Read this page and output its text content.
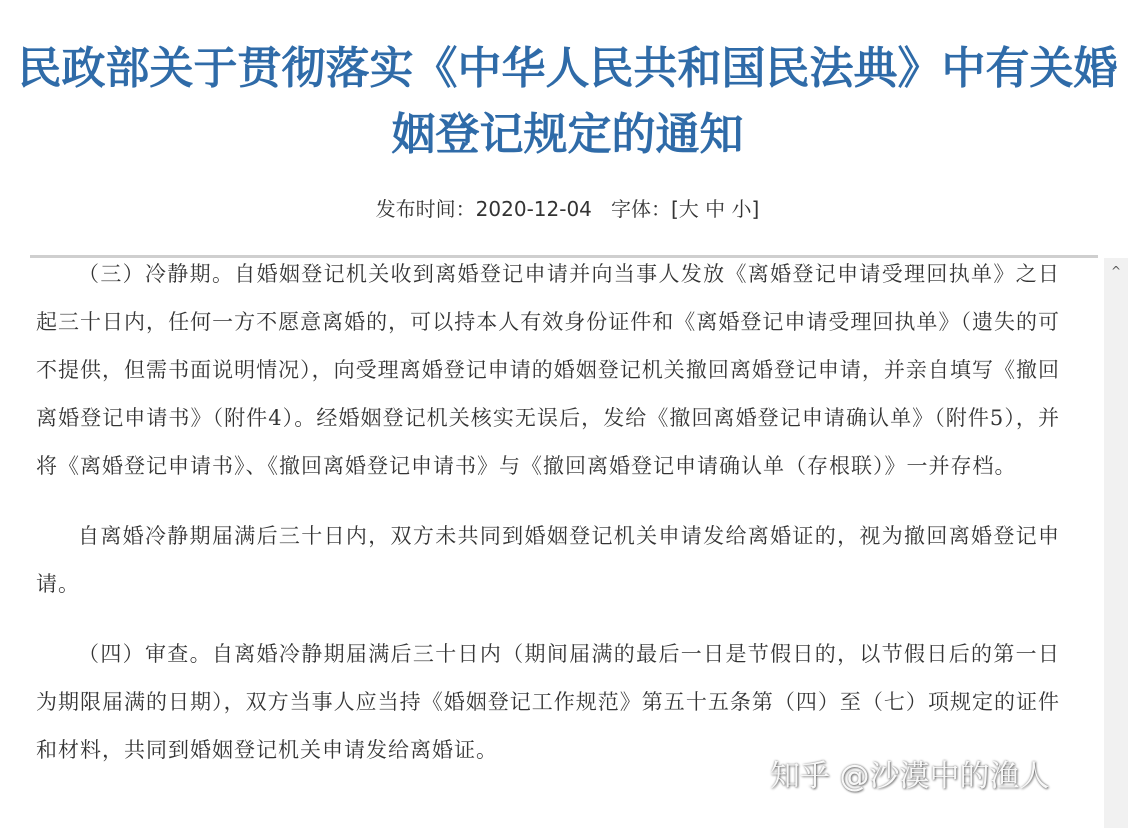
民政部关于贯彻落实《中华人民共和国民法典》中有关婚姻登记规定的通知
发布时间：2020-12-04 字体：[大 中 小]

（三）冷静期。自婚姻登记机关收到离婚登记申请并向当事人发放《离婚登记申请受理回执单》之日起三十日内，任何一方不愿意离婚的，可以持本人有效身份证件和《离婚登记申请受理回执单》（遗失的可不提供，但需书面说明情况），向受理离婚登记申请的婚姻登记机关撤回离婚登记申请，并亲自填写《撤回离婚登记申请书》（附件4）。经婚姻登记机关核实无误后，发给《撤回离婚登记申请确认单》（附件5），并将《离婚登记申请书》、《撤回离婚登记申请书》与《撤回离婚登记申请确认单（存根联）》一并存档。

自离婚冷静期届满后三十日内，双方未共同到婚姻登记机关申请发给离婚证的，视为撤回离婚登记申请。

（四）审查。自离婚冷静期届满后三十日内（期间届满的最后一日是节假日的，以节假日后的第一日为期限届满的日期），双方当事人应当持《婚姻登记工作规范》第五十五条第（四）至（七）项规定的证件和材料，共同到婚姻登记机关申请发给离婚证。

^
知乎 @沙漠中的渔人
